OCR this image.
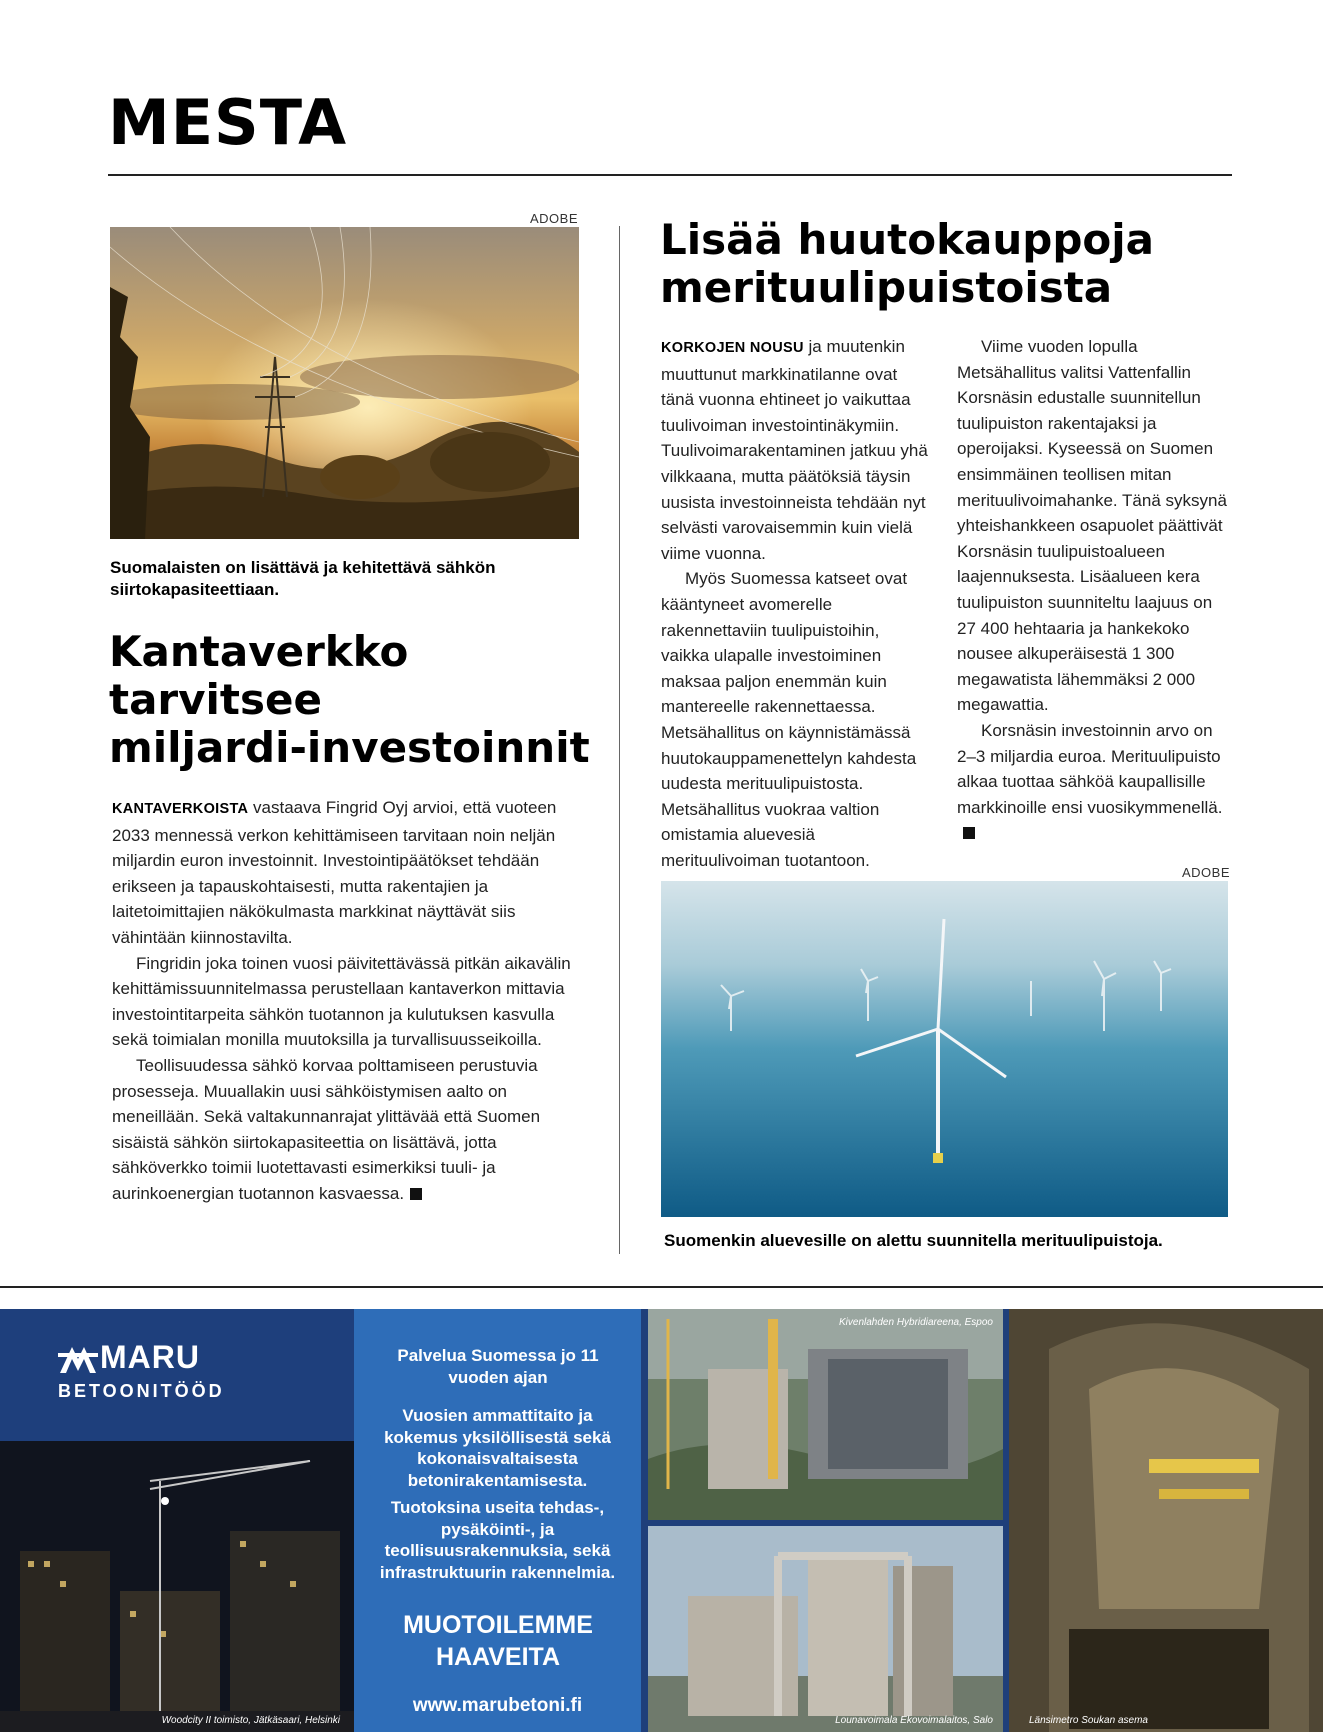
MESTA
ADOBE
Suomalaisten on lisättävä ja kehitettävä sähkön siirtokapasiteettiaan.
Kantaverkko
tarvitsee
miljardi-investoinnit

KANTAVERKOISTA vastaava Fingrid Oyj arvioi, että vuoteen 2033 mennessä verkon kehittämiseen tarvitaan noin neljän miljardin euron investoinnit. Investointipäätökset tehdään erikseen ja tapauskohtaisesti, mutta rakentajien ja laitetoimittajien näkökulmasta markkinat näyttävät siis vähintään kiinnostavilta.

Fingridin joka toinen vuosi päivitettävässä pitkän aikavälin kehittämissuunnitelmassa perustellaan kantaverkon mittavia investointitarpeita sähkön tuotannon ja kulutuksen kasvulla sekä toimialan monilla muutoksilla ja turvallisuusseikoilla.

Teollisuudessa sähkö korvaa polttamiseen perustuvia prosesseja. Muuallakin uusi sähköistymisen aalto on meneillään. Sekä valtakunnanrajat ylittävää että Suomen sisäistä sähkön siirtokapasiteettia on lisättävä, jotta sähköverkko toimii luotettavasti esimerkiksi tuuli- ja aurinkoenergian tuotannon kasvaessa.

Lisää huutokauppoja
merituulipuistoista

KORKOJEN NOUSU ja muutenkin muuttunut markkinatilanne ovat tänä vuonna ehtineet jo vaikuttaa tuulivoiman investointinäkymiin. Tuulivoimarakentaminen jatkuu yhä vilkkaana, mutta päätöksiä täysin uusista investoinneista tehdään nyt selvästi varovaisemmin kuin vielä viime vuonna.

Myös Suomessa katseet ovat kääntyneet avomerelle rakennettaviin tuulipuistoihin, vaikka ulapalle investoiminen maksaa paljon enemmän kuin mantereelle rakennettaessa. Metsähallitus on käynnistämässä huutokauppamenettelyn kahdesta uudesta merituulipuistosta. Metsähallitus vuokraa valtion omistamia aluevesiä merituulivoiman tuotantoon.

Viime vuoden lopulla Metsähallitus valitsi Vattenfallin Korsnäsin edustalle suunnitellun tuulipuiston rakentajaksi ja operoijaksi. Kyseessä on Suomen ensimmäinen teollisen mitan merituulivoimahanke. Tänä syksynä yhteishankkeen osapuolet päättivät Korsnäsin tuulipuistoalueen laajennuksesta. Lisäalueen kera tuulipuiston suunniteltu laajuus on 27 400 hehtaaria ja hankekoko nousee alkuperäisestä 1 300 megawatista lähemmäksi 2 000 megawattia.

Korsnäsin investoinnin arvo on 2–3 miljardia euroa. Merituulipuisto alkaa tuottaa sähköä kaupallisille markkinoille ensi vuosikymmenellä.

ADOBE
Suomenkin aluevesille on alettu suunnitella merituulipuistoja.
MARU
BETOONITÖÖD
Woodcity II toimisto, Jätkäsaari, Helsinki
Palvelua Suomessa jo 11 vuoden ajan
Vuosien ammattitaito ja kokemus yksilöllisestä sekä kokonaisvaltaisesta betonirakentamisesta.
Tuotoksina useita tehdas-, pysäköinti-, ja teollisuusrakennuksia, sekä infrastruktuurin rakennelmia.
MUOTOILEMME HAAVEITA
www.marubetoni.fi
Kivenlahden Hybridiareena, Espoo
Lounavoimala Ekovoimalaitos, Salo	Länsimetro Soukan asema
